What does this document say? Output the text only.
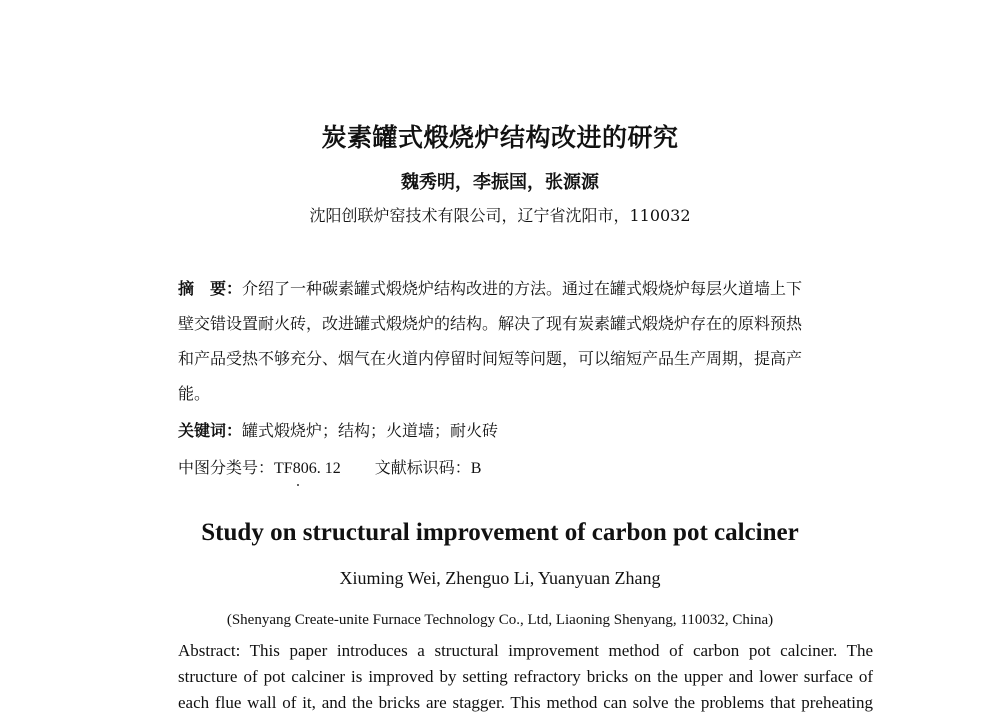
炭素罐式煅烧炉结构改进的研究
魏秀明，李振国，张源源
沈阳创联炉窑技术有限公司，辽宁省沈阳市，110032
摘　要：介绍了一种碳素罐式煅烧炉结构改进的方法。通过在罐式煅烧炉每层火道墙上下
壁交错设置耐火砖，改进罐式煅烧炉的结构。解决了现有炭素罐式煅烧炉存在的原料预热
和产品受热不够充分、烟气在火道内停留时间短等问题，可以缩短产品生产周期，提高产
能。
关键词：罐式煅烧炉；结构；火道墙；耐火砖
中图分类号：TF806. 12 文献标识码：B
Study on structural improvement of carbon pot calciner
Xiuming Wei, Zhenguo Li, Yuanyuan Zhang
(Shenyang Create-unite Furnace Technology Co., Ltd, Liaoning Shenyang, 110032, China)
Abstract: This paper introduces a structural improvement method of carbon pot calciner. The
structure of pot calciner is improved by setting refractory bricks on the upper and lower surface of
each flue wall of it, and the bricks are stagger. This method can solve the problems that preheating
